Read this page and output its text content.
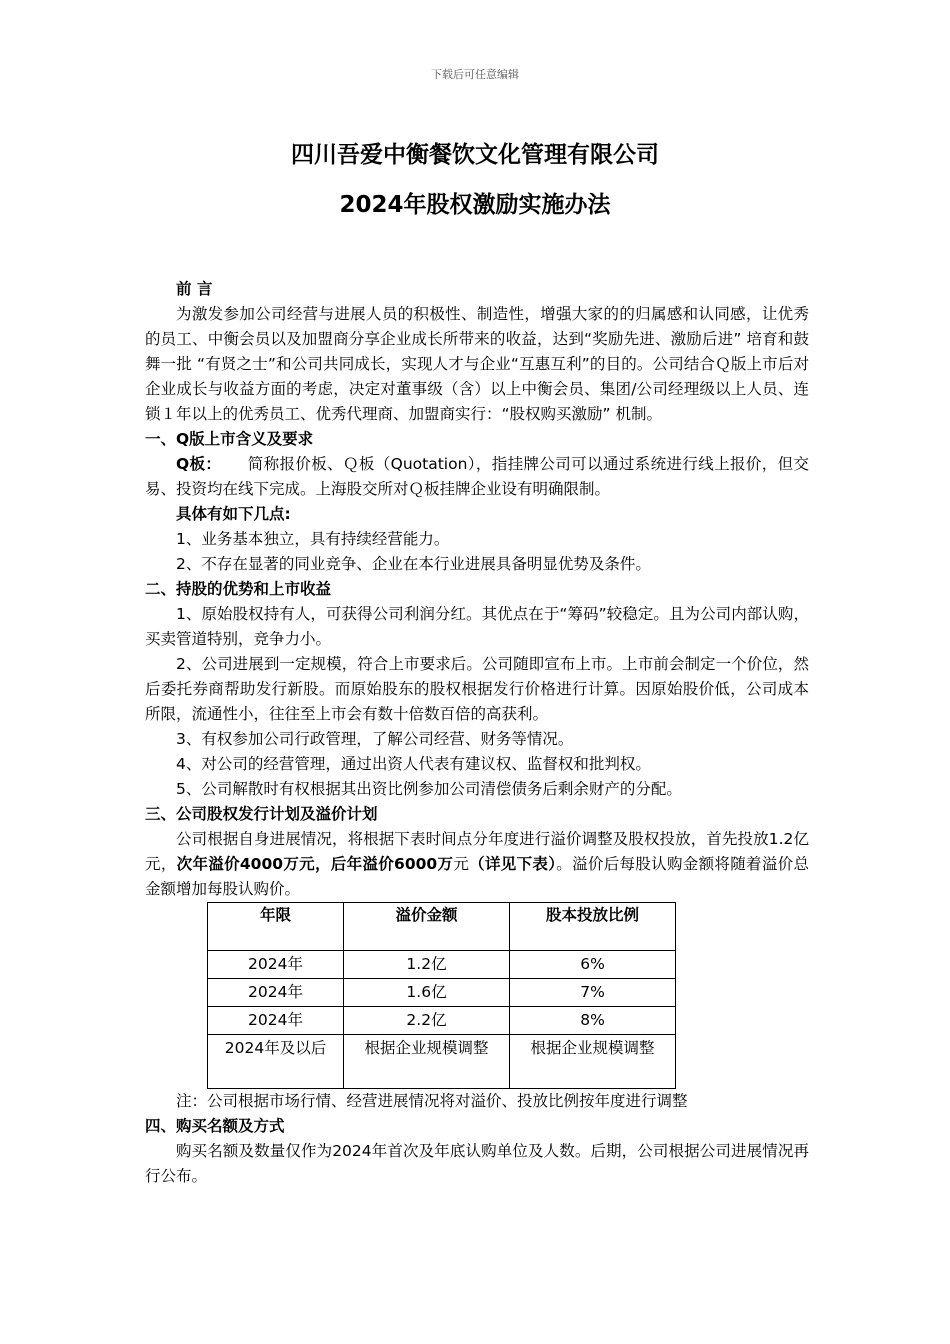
下载后可任意编辑
四川吾爱中衡餐饮文化管理有限公司
2024年股权激励实施办法

前 言

为激发参加公司经营与进展人员的积极性、制造性，增强大家的的归属感和认同感，让优秀的员工、中衡会员以及加盟商分享企业成长所带来的收益，达到“奖励先进、激励后进” 培育和鼓舞一批 “有贤之士”和公司共同成长，实现人才与企业“互惠互利”的目的。公司结合Ｑ版上市后对企业成长与收益方面的考虑，决定对董事级（含）以上中衡会员、集团/公司经理级以上人员、连锁１年以上的优秀员工、优秀代理商、加盟商实行：“股权购买激励” 机制。

一、Q版上市含义及要求

Q板： 简称报价板、Ｑ板（Quotation），指挂牌公司可以通过系统进行线上报价，但交易、投资均在线下完成。上海股交所对Ｑ板挂牌企业设有明确限制。

具体有如下几点:

1、业务基本独立，具有持续经营能力。

2、不存在显著的同业竞争、企业在本行业进展具备明显优势及条件。

二、持股的优势和上市收益

1、原始股权持有人，可获得公司利润分红。其优点在于“筹码”较稳定。且为公司内部认购，买卖管道特别，竞争力小。

2、公司进展到一定规模，符合上市要求后。公司随即宣布上市。上市前会制定一个价位，然后委托券商帮助发行新股。而原始股东的股权根据发行价格进行计算。因原始股价低，公司成本所限，流通性小，往往至上市会有数十倍数百倍的高获利。

3、有权参加公司行政管理，了解公司经营、财务等情况。

4、对公司的经营管理，通过出资人代表有建议权、监督权和批判权。

5、公司解散时有权根据其出资比例参加公司清偿债务后剩余财产的分配。

三、公司股权发行计划及溢价计划

公司根据自身进展情况，将根据下表时间点分年度进行溢价调整及股权投放，首先投放1.2亿元，次年溢价4000万元，后年溢价6000万元（详见下表）。溢价后每股认购金额将随着溢价总金额增加每股认购价。

年限	溢价金额	股本投放比例
2024年	1.2亿	6%
2024年	1.6亿	7%
2024年	2.2亿	8%
2024年及以后	根据企业规模调整	根据企业规模调整

注：公司根据市场行情、经营进展情况将对溢价、投放比例按年度进行调整

四、购买名额及方式

购买名额及数量仅作为2024年首次及年底认购单位及人数。后期，公司根据公司进展情况再行公布。
